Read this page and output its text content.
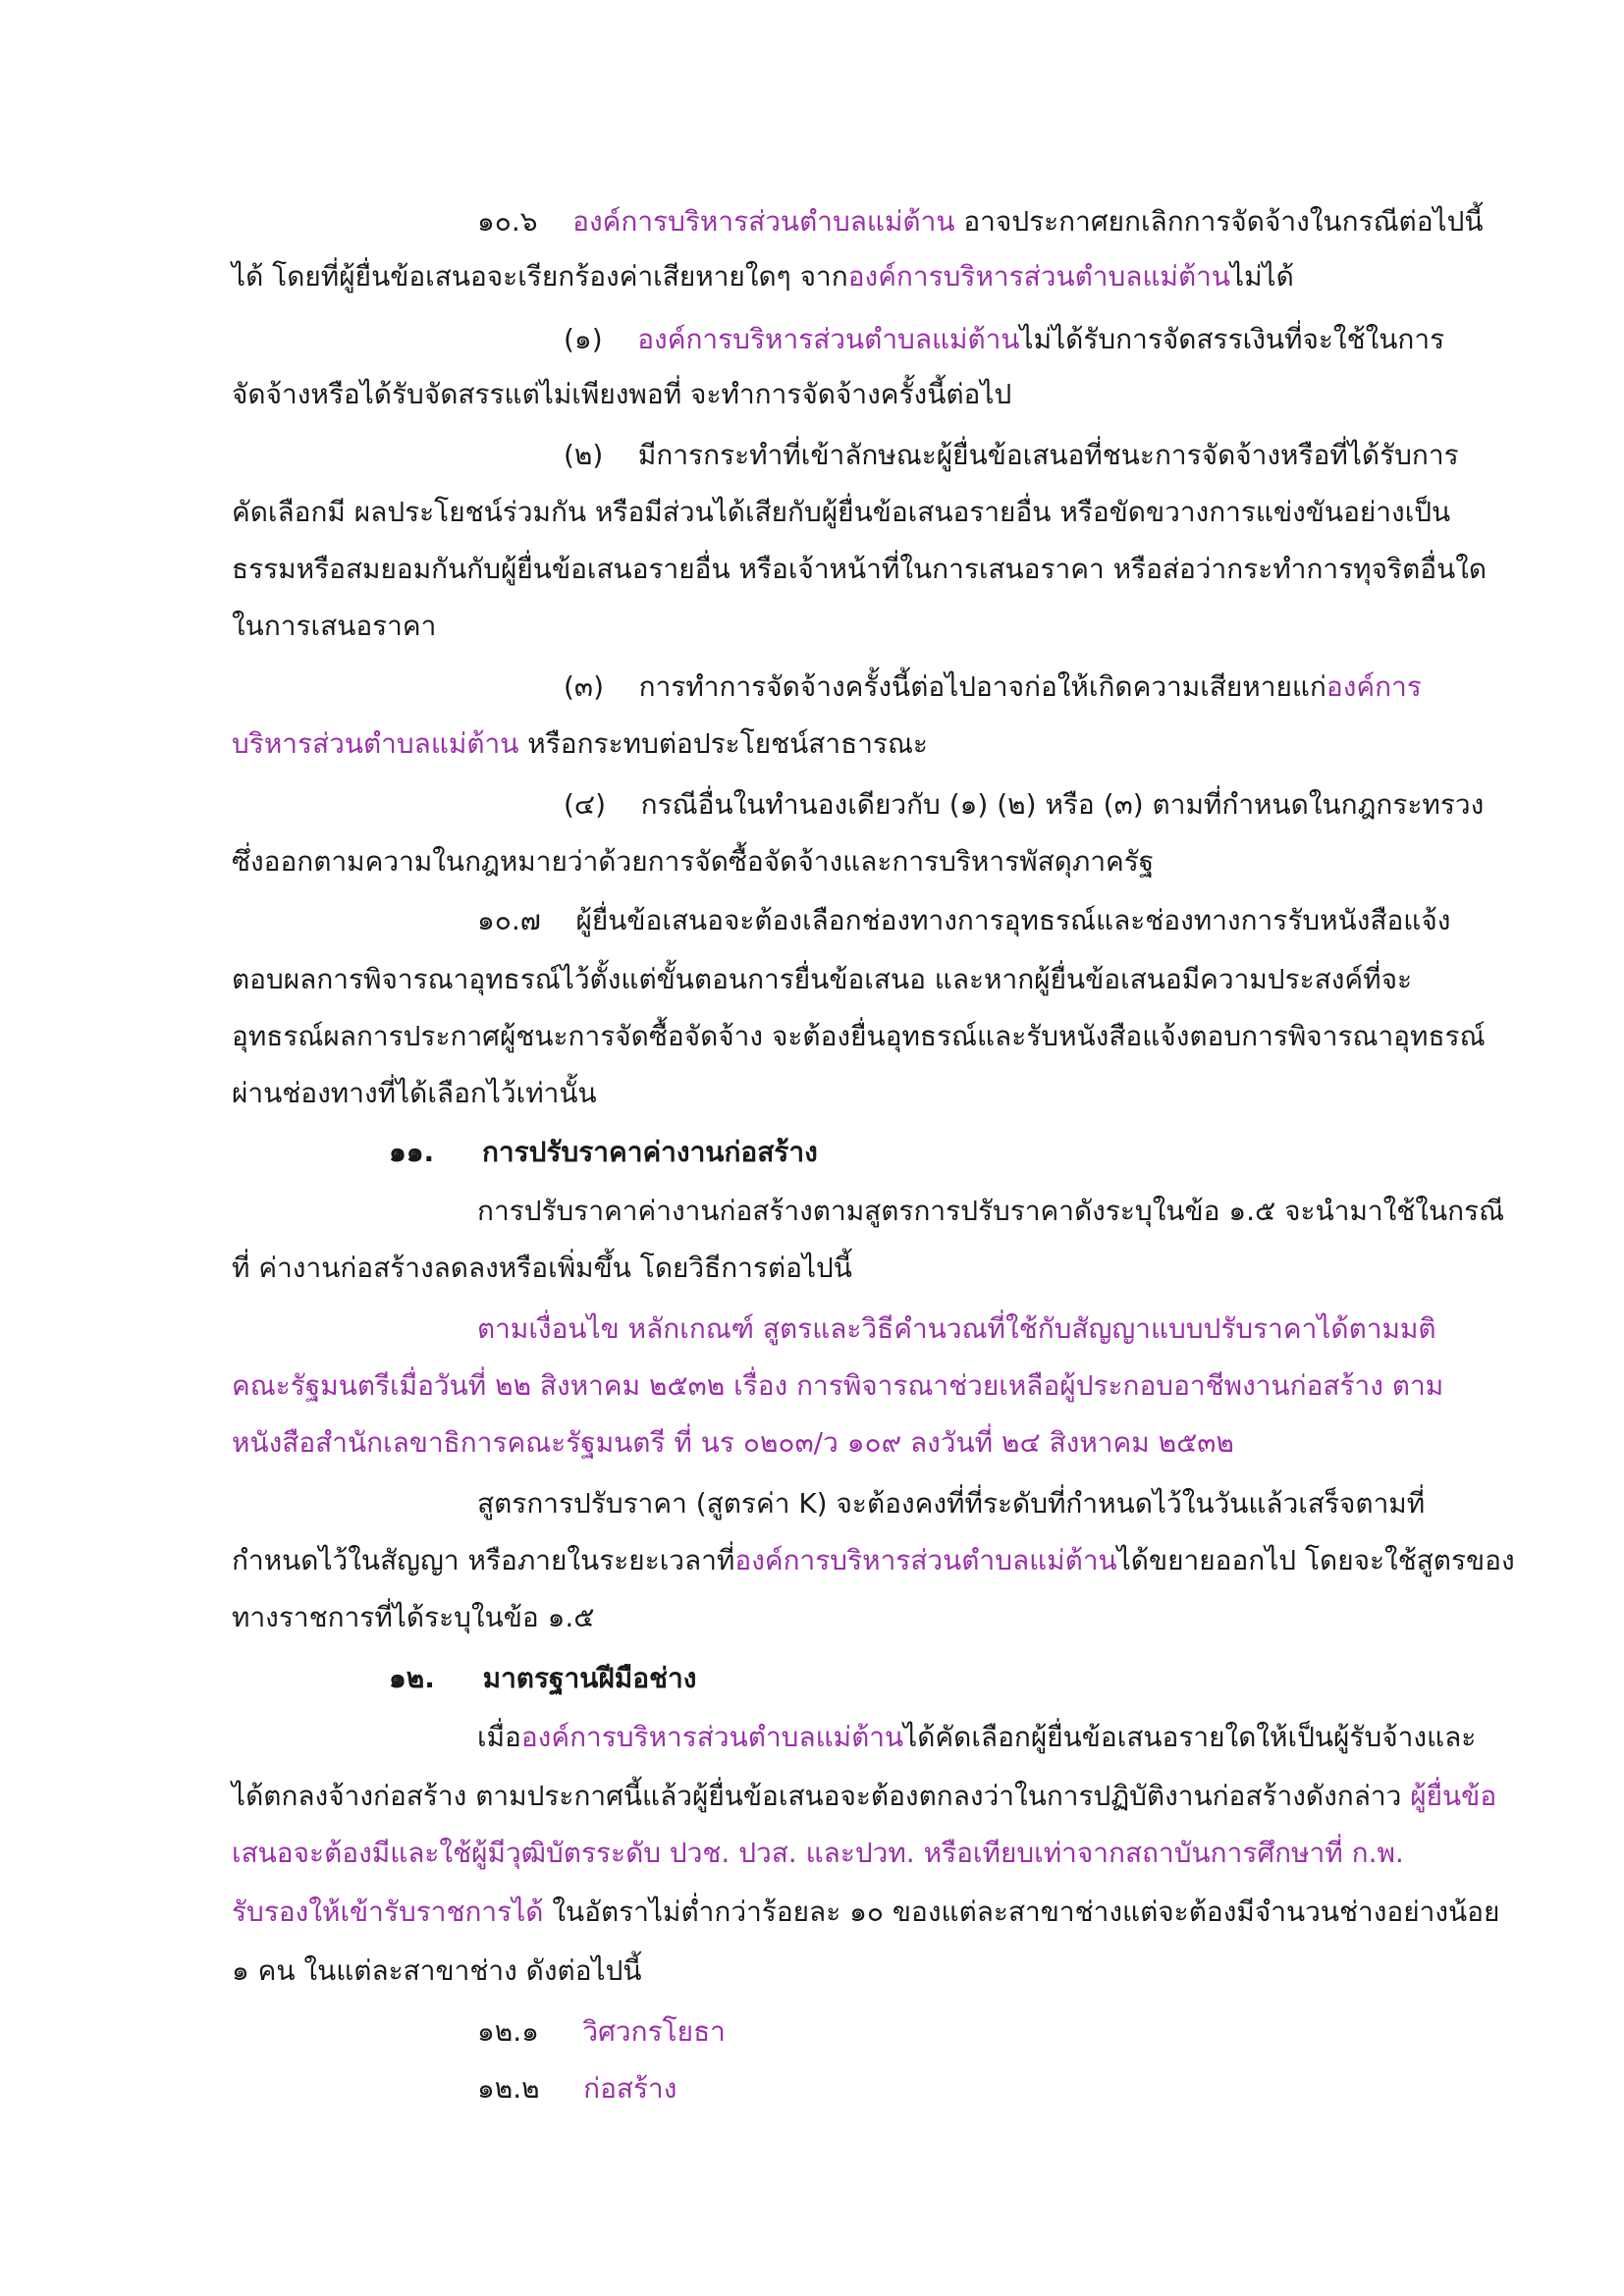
๑๐.๖ องค์การบริหารส่วนตำบลแม่ต้าน อาจประกาศยกเลิกการจัดจ้างในกรณีต่อไปนี้
ได้ โดยที่ผู้ยื่นข้อเสนอจะเรียกร้องค่าเสียหายใดๆ จากองค์การบริหารส่วนตำบลแม่ต้านไม่ได้
(๑) องค์การบริหารส่วนตำบลแม่ต้านไม่ได้รับการจัดสรรเงินที่จะใช้ในการ
จัดจ้างหรือได้รับจัดสรรแต่ไม่เพียงพอที่ จะทำการจัดจ้างครั้งนี้ต่อไป
(๒) มีการกระทำที่เข้าลักษณะผู้ยื่นข้อเสนอที่ชนะการจัดจ้างหรือที่ได้รับการ
คัดเลือกมี ผลประโยชน์ร่วมกัน หรือมีส่วนได้เสียกับผู้ยื่นข้อเสนอรายอื่น หรือขัดขวางการแข่งขันอย่างเป็น
ธรรมหรือสมยอมกันกับผู้ยื่นข้อเสนอรายอื่น หรือเจ้าหน้าที่ในการเสนอราคา หรือส่อว่ากระทำการทุจริตอื่นใด
ในการเสนอราคา
(๓) การทำการจัดจ้างครั้งนี้ต่อไปอาจก่อให้เกิดความเสียหายแก่องค์การ
บริหารส่วนตำบลแม่ต้าน หรือกระทบต่อประโยชน์สาธารณะ
(๔) กรณีอื่นในทำนองเดียวกับ (๑) (๒) หรือ (๓) ตามที่กำหนดในกฎกระทรวง
ซึ่งออกตามความในกฎหมายว่าด้วยการจัดซื้อจัดจ้างและการบริหารพัสดุภาครัฐ
๑๐.๗ ผู้ยื่นข้อเสนอจะต้องเลือกช่องทางการอุทธรณ์และช่องทางการรับหนังสือแจ้ง
ตอบผลการพิจารณาอุทธรณ์ไว้ตั้งแต่ขั้นตอนการยื่นข้อเสนอ และหากผู้ยื่นข้อเสนอมีความประสงค์ที่จะ
อุทธรณ์ผลการประกาศผู้ชนะการจัดซื้อจัดจ้าง จะต้องยื่นอุทธรณ์และรับหนังสือแจ้งตอบการพิจารณาอุทธรณ์
ผ่านช่องทางที่ได้เลือกไว้เท่านั้น
๑๑. การปรับราคาค่างานก่อสร้าง
การปรับราคาค่างานก่อสร้างตามสูตรการปรับราคาดังระบุในข้อ ๑.๕ จะนำมาใช้ในกรณี
ที่ ค่างานก่อสร้างลดลงหรือเพิ่มขึ้น โดยวิธีการต่อไปนี้
ตามเงื่อนไข หลักเกณฑ์ สูตรและวิธีคำนวณที่ใช้กับสัญญาแบบปรับราคาได้ตามมติ
คณะรัฐมนตรีเมื่อวันที่ ๒๒ สิงหาคม ๒๕๓๒ เรื่อง การพิจารณาช่วยเหลือผู้ประกอบอาชีพงานก่อสร้าง ตาม
หนังสือสำนักเลขาธิการคณะรัฐมนตรี ที่ นร ๐๒๐๓/ว ๑๐๙ ลงวันที่ ๒๔ สิงหาคม ๒๕๓๒
สูตรการปรับราคา (สูตรค่า K) จะต้องคงที่ที่ระดับที่กำหนดไว้ในวันแล้วเสร็จตามที่
กำหนดไว้ในสัญญา หรือภายในระยะเวลาที่องค์การบริหารส่วนตำบลแม่ต้านได้ขยายออกไป โดยจะใช้สูตรของ
ทางราชการที่ได้ระบุในข้อ ๑.๕
๑๒. มาตรฐานฝีมือช่าง
เมื่อองค์การบริหารส่วนตำบลแม่ต้านได้คัดเลือกผู้ยื่นข้อเสนอรายใดให้เป็นผู้รับจ้างและ
ได้ตกลงจ้างก่อสร้าง ตามประกาศนี้แล้วผู้ยื่นข้อเสนอจะต้องตกลงว่าในการปฏิบัติงานก่อสร้างดังกล่าว ผู้ยื่นข้อ
เสนอจะต้องมีและใช้ผู้มีวุฒิบัตรระดับ ปวช. ปวส. และปวท. หรือเทียบเท่าจากสถาบันการศึกษาที่ ก.พ.
รับรองให้เข้ารับราชการได้ ในอัตราไม่ต่ำกว่าร้อยละ ๑๐ ของแต่ละสาขาช่างแต่จะต้องมีจำนวนช่างอย่างน้อย
๑ คน ในแต่ละสาขาช่าง ดังต่อไปนี้
๑๒.๑ วิศวกรโยธา
๑๒.๒ ก่อสร้าง
